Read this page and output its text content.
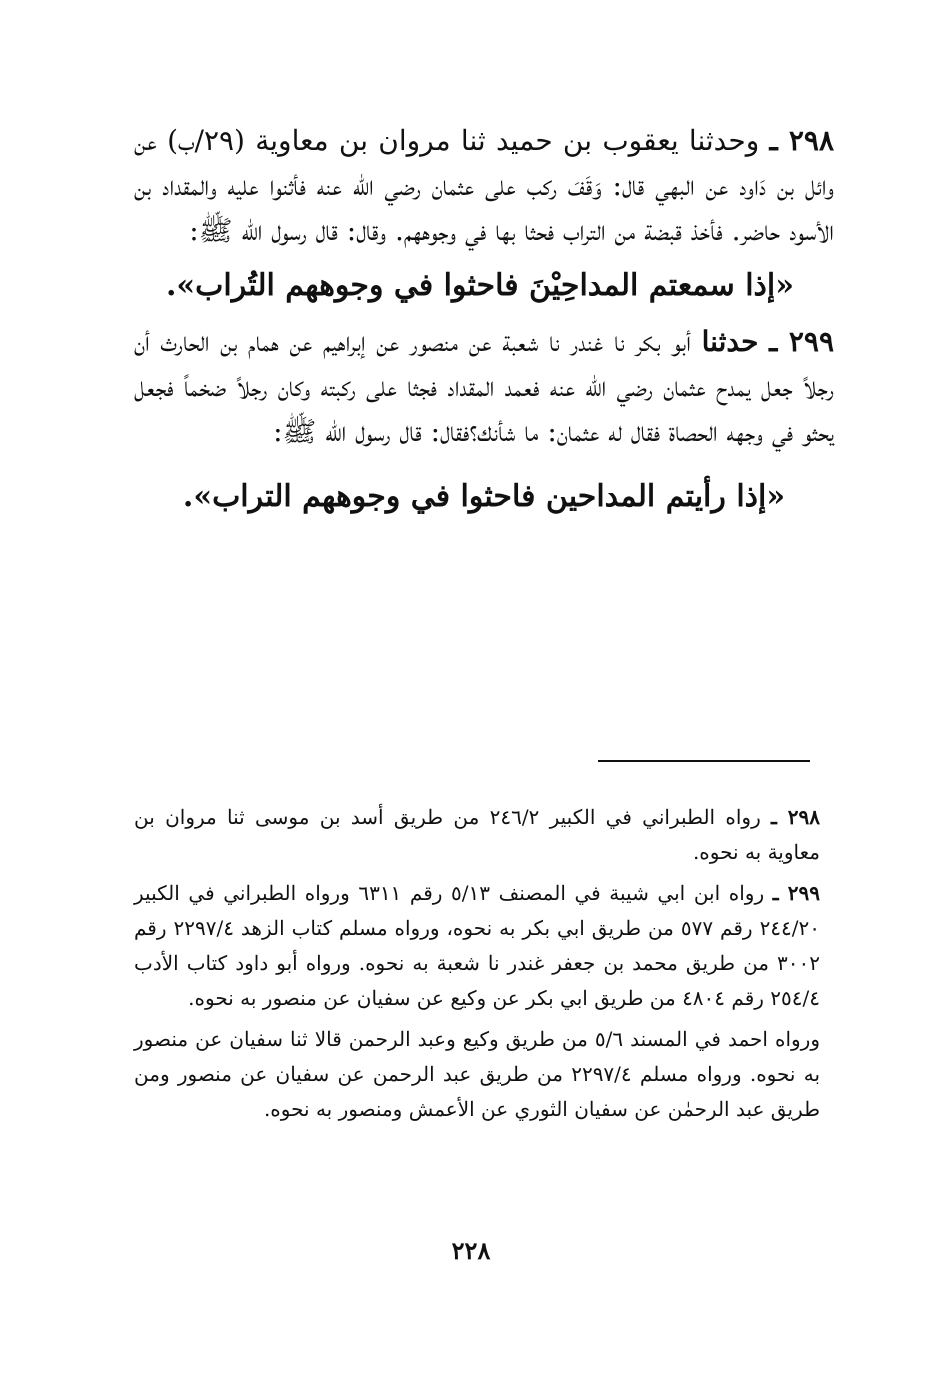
٢٩٨ ـ وحدثنا يعقوب بن حميد ثنا مروان بن معاوية (٢٩/ب) عن وائل بن دَاود عن البهي قال: وَقَفَ ركب على عثمان رضي الله عنه فأثنوا عليه والمقداد بن الأسود حاضر. فأخذ قبضة من التراب فحثا بها في وجوههم. وقال: قال رسول الله ﷺ:

«إذا سمعتم المداحِيْنَ فاحثوا في وجوههم التُراب».

٢٩٩ ـ حدثنا أبو بكر نا غندر نا شعبة عن منصور عن إبراهيم عن همام بن الحارث أن رجلاً جعل يمدح عثمان رضي الله عنه فعمد المقداد فجثا على ركبته وكان رجلاً ضخماً فجعل يحثو في وجهه الحصاة فقال له عثمان: ما شأنك؟فقال: قال رسول الله ﷺ:

«إذا رأيتم المداحين فاحثوا في وجوههم التراب».

٢٩٨ ـ رواه الطبراني في الكبير ٢٤٦/٢ من طريق أسد بن موسى ثنا مروان بن معاوية به نحوه.

٢٩٩ ـ رواه ابن ابي شيبة في المصنف ٥/١٣ رقم ٦٣١١ ورواه الطبراني في الكبير ٢٤٤/٢٠ رقم ٥٧٧ من طريق ابي بكر به نحوه، ورواه مسلم كتاب الزهد ٢٢٩٧/٤ رقم ٣٠٠٢ من طريق محمد بن جعفر غندر نا شعبة به نحوه. ورواه أبو داود كتاب الأدب ٢٥٤/٤ رقم ٤٨٠٤ من طريق ابي بكر عن وكيع عن سفيان عن منصور به نحوه.

ورواه احمد في المسند ٥/٦ من طريق وكيع وعبد الرحمن قالا ثنا سفيان عن منصور به نحوه. ورواه مسلم ٢٢٩٧/٤ من طريق عبد الرحمن عن سفيان عن منصور ومن طريق عبد الرحمٰن عن سفيان الثوري عن الأعمش ومنصور به نحوه.

٢٢٨
